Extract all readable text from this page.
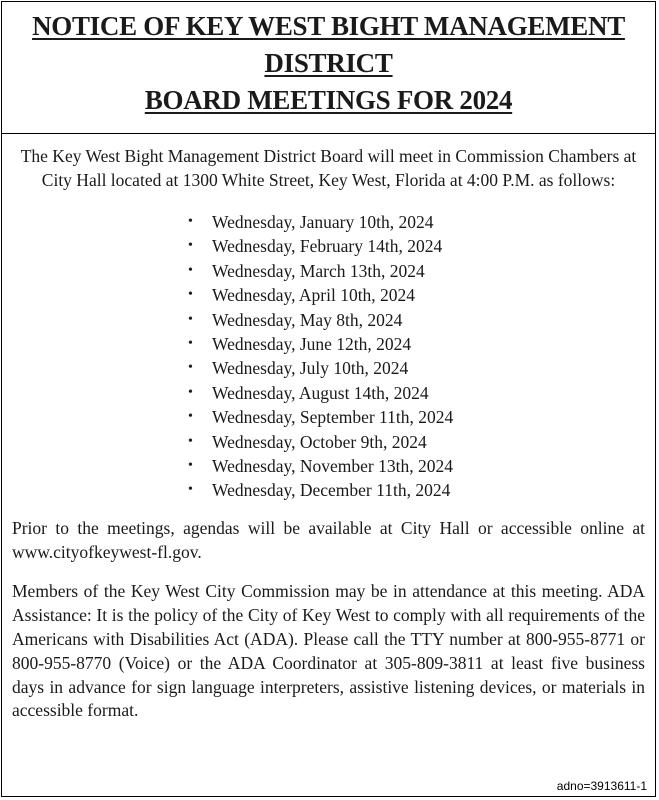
NOTICE OF KEY WEST BIGHT MANAGEMENT
DISTRICT
BOARD MEETINGS FOR 2024

The Key West Bight Management District Board will meet in Commission Chambers at City Hall located at 1300 White Street, Key West, Florida at 4:00 P.M. as follows:

• Wednesday, January 10th, 2024
• Wednesday, February 14th, 2024
• Wednesday, March 13th, 2024
• Wednesday, April 10th, 2024
• Wednesday, May 8th, 2024
• Wednesday, June 12th, 2024
• Wednesday, July 10th, 2024
• Wednesday, August 14th, 2024
• Wednesday, September 11th, 2024
• Wednesday, October 9th, 2024
• Wednesday, November 13th, 2024
• Wednesday, December 11th, 2024

Prior to the meetings, agendas will be available at City Hall or accessible online at www.cityofkeywest-fl.gov.

Members of the Key West City Commission may be in attendance at this meeting. ADA Assistance: It is the policy of the City of Key West to comply with all requirements of the Americans with Disabilities Act (ADA). Please call the TTY number at 800-955-8771 or 800-955-8770 (Voice) or the ADA Coordinator at 305-809-3811 at least five business days in advance for sign language interpreters, assistive listening devices, or materials in accessible format.

adno=3913611-1
